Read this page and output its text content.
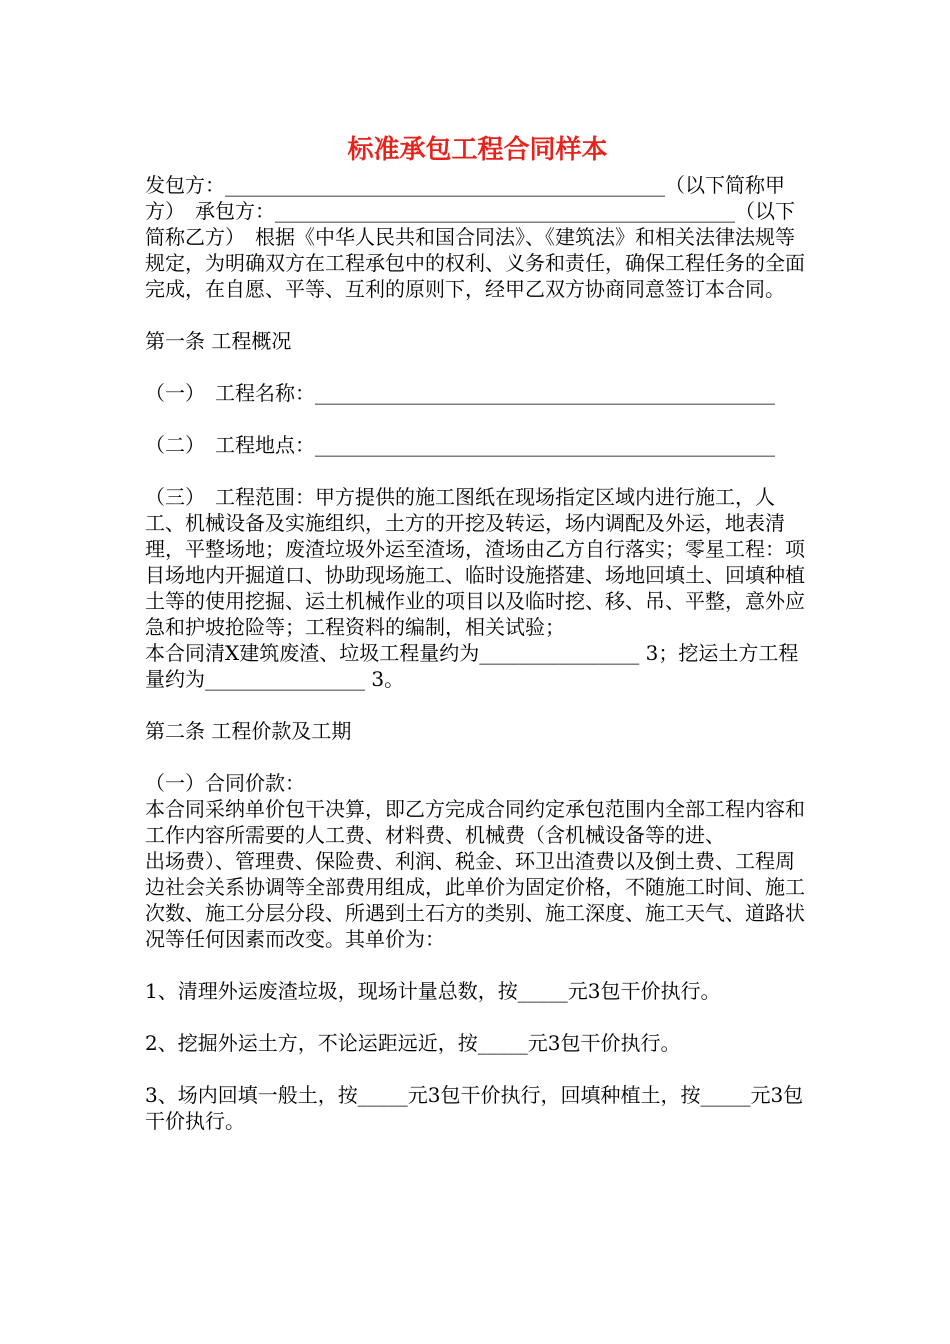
标准承包工程合同样本

发包方：____________________________________________（以下简称甲方）　承包方：______________________________________________（以下简称乙方）　根据《中华人民共和国合同法》、《建筑法》和相关法律法规等规定，为明确双方在工程承包中的权利、义务和责任，确保工程任务的全面完成，在自愿、平等、互利的原则下，经甲乙双方协商同意签订本合同。

第一条 工程概况

（一）　工程名称：______________________________________________

（二）　工程地点：______________________________________________

（三）　工程范围：甲方提供的施工图纸在现场指定区域内进行施工，人工、机械设备及实施组织，土方的开挖及转运，场内调配及外运，地表清理，平整场地；废渣垃圾外运至渣场，渣场由乙方自行落实；零星工程：项目场地内开掘道口、协助现场施工、临时设施搭建、场地回填土、回填种植土等的使用挖掘、运土机械作业的项目以及临时挖、移、吊、平整，意外应急和护坡抢险等；工程资料的编制，相关试验；

本合同清X建筑废渣、垃圾工程量约为________________ 3；挖运土方工程量约为________________ 3。

第二条 工程价款及工期

（一）合同价款：

本合同采纳单价包干决算，即乙方完成合同约定承包范围内全部工程内容和工作内容所需要的人工费、材料费、机械费（含机械设备等的进、

出场费）、管理费、保险费、利润、税金、环卫出渣费以及倒土费、工程周边社会关系协调等全部费用组成，此单价为固定价格，不随施工时间、施工次数、施工分层分段、所遇到土石方的类别、施工深度、施工天气、道路状况等任何因素而改变。其单价为：

1、清理外运废渣垃圾，现场计量总数，按_____元3包干价执行。

2、挖掘外运土方，不论运距远近，按_____元3包干价执行。

3、场内回填一般土，按_____元3包干价执行，回填种植土，按_____元3包干价执行。
